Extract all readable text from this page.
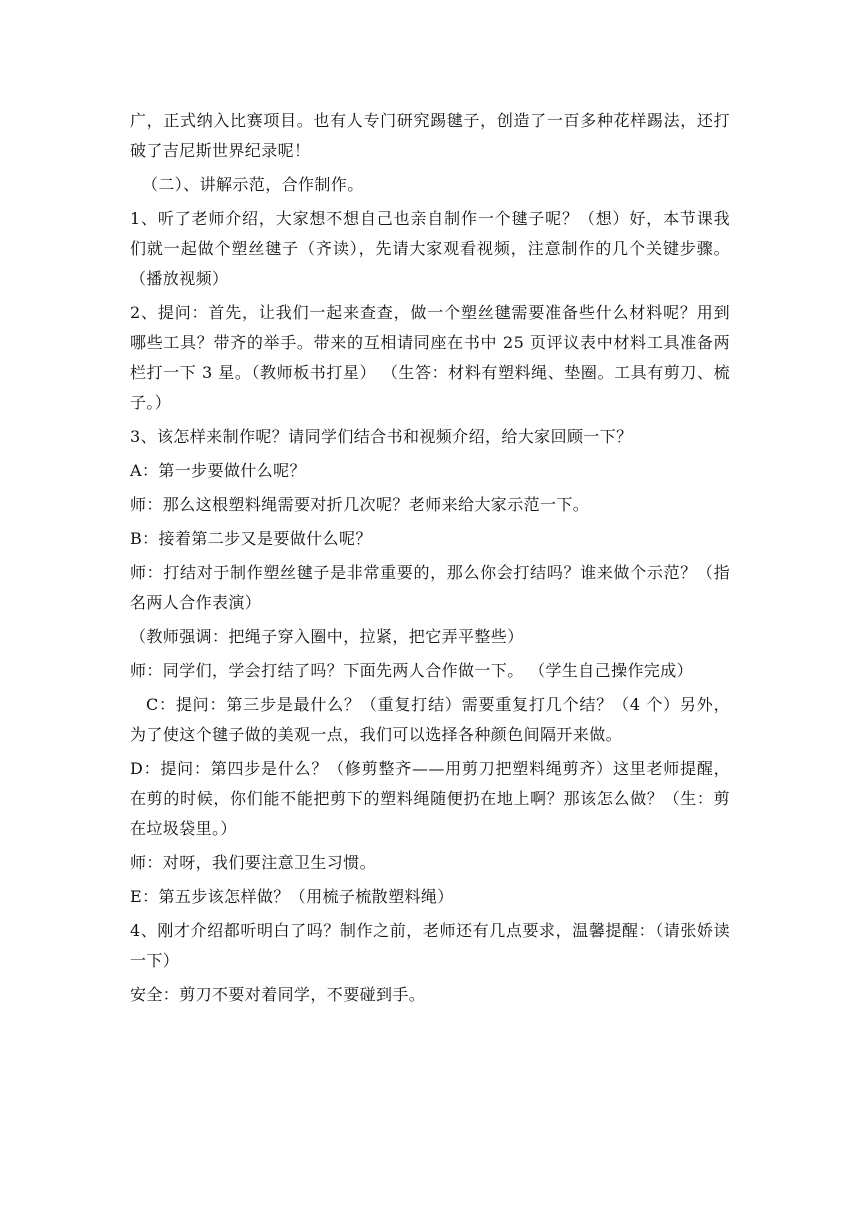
广，正式纳入比赛项目。也有人专门研究踢毽子，创造了一百多种花样踢法，还打破了吉尼斯世界纪录呢！

（二）、讲解示范，合作制作。

1、听了老师介绍，大家想不想自己也亲自制作一个毽子呢？（想）好，本节课我们就一起做个塑丝毽子（齐读），先请大家观看视频，注意制作的几个关键步骤。（播放视频）

2、提问：首先，让我们一起来查查，做一个塑丝毽需要准备些什么材料呢？用到哪些工具？带齐的举手。带来的互相请同座在书中 25 页评议表中材料工具准备两栏打一下 3 星。（教师板书打星） （生答：材料有塑料绳、垫圈。工具有剪刀、梳子。）

3、该怎样来制作呢？请同学们结合书和视频介绍，给大家回顾一下？

A：第一步要做什么呢？

师：那么这根塑料绳需要对折几次呢？老师来给大家示范一下。

B：接着第二步又是要做什么呢？

师：打结对于制作塑丝毽子是非常重要的，那么你会打结吗？谁来做个示范？（指名两人合作表演）

（教师强调：把绳子穿入圈中，拉紧，把它弄平整些）

师：同学们，学会打结了吗？下面先两人合作做一下。 （学生自己操作完成）

C：提问：第三步是最什么？（重复打结）需要重复打几个结？（4 个）另外，为了使这个毽子做的美观一点，我们可以选择各种颜色间隔开来做。

D：提问：第四步是什么？（修剪整齐——用剪刀把塑料绳剪齐）这里老师提醒，在剪的时候，你们能不能把剪下的塑料绳随便扔在地上啊？那该怎么做？（生：剪在垃圾袋里。）

师：对呀，我们要注意卫生习惯。

E：第五步该怎样做？（用梳子梳散塑料绳）

4、刚才介绍都听明白了吗？制作之前，老师还有几点要求，温馨提醒：（请张娇读一下）

安全：剪刀不要对着同学，不要碰到手。
